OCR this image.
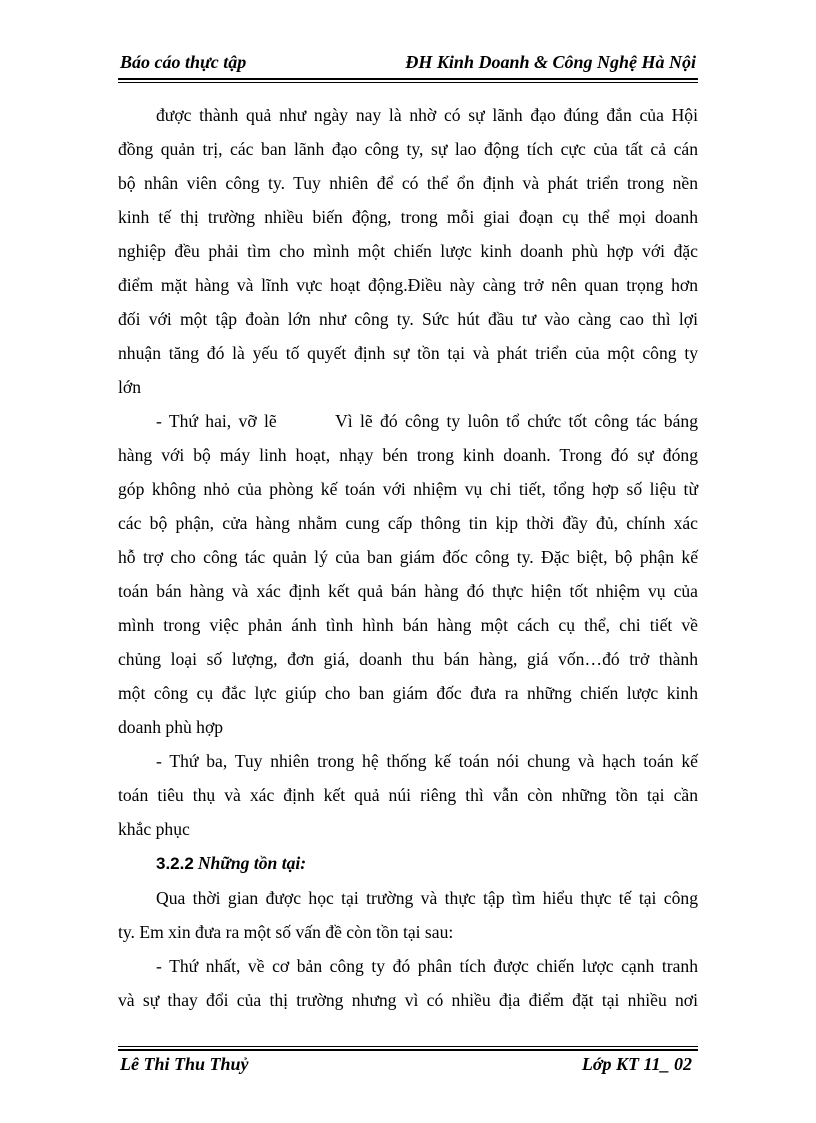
Báo cáo thực tập	ĐH Kinh Doanh & Công Nghệ Hà Nội
được thành quả như ngày nay là nhờ có sự lãnh đạo đúng đắn của Hội
đồng quản trị, các ban lãnh đạo công ty, sự lao động tích cực của tất cả cán
bộ nhân viên công ty. Tuy nhiên để có thể ổn định và phát triển trong nền
kinh tế thị trường nhiều biến động, trong mỗi giai đoạn cụ thể mọi doanh
nghiệp đều phải tìm cho mình một chiến lược kinh doanh phù hợp với đặc
điểm mặt hàng và lĩnh vực hoạt động.Điều này càng trở nên quan trọng hơn
đối với một tập đoàn lớn như công ty. Sức hút đầu tư vào càng cao thì lợi
nhuận tăng đó là yếu tố quyết định sự tồn tại và phát triển của một công ty
lớn
- Thứ hai, vỡ lẽ        Vì lẽ đó công ty luôn tổ chức tốt công tác báng
hàng với bộ máy linh hoạt, nhạy bén trong kinh doanh. Trong đó sự đóng
góp không nhỏ của phòng kế toán với nhiệm vụ chi tiết, tổng hợp số liệu từ
các bộ phận, cửa hàng nhằm cung cấp thông tin kịp thời đầy đủ, chính xác
hỗ trợ cho công tác quản lý của ban giám đốc công ty. Đặc biệt, bộ phận kế
toán bán hàng và xác định kết quả bán hàng đó thực hiện tốt nhiệm vụ của
mình trong việc phản ánh tình hình bán hàng một cách cụ thể, chi tiết về
chủng loại số lượng, đơn giá, doanh thu bán hàng, giá vốn…đó trở thành
một công cụ đắc lực giúp cho ban giám đốc đưa ra những chiến lược kinh
doanh phù hợp
- Thứ ba, Tuy nhiên trong hệ thống kế toán nói chung và hạch toán kế
toán tiêu thụ và xác định kết quả núi riêng thì vẫn còn những tồn tại cần
khắc phục
3.2.2 Những tồn tại:
Qua thời gian được học tại trường và thực tập tìm hiểu thực tế tại công
ty. Em xin đưa ra một số vấn đề còn tồn tại sau:
- Thứ nhất, về cơ bản công ty đó phân tích được chiến lược cạnh tranh
và sự thay đổi của thị trường nhưng vì có nhiều địa điểm đặt tại nhiều nơi
Lê Thi Thu Thuỷ	Lớp KT 11_ 02
